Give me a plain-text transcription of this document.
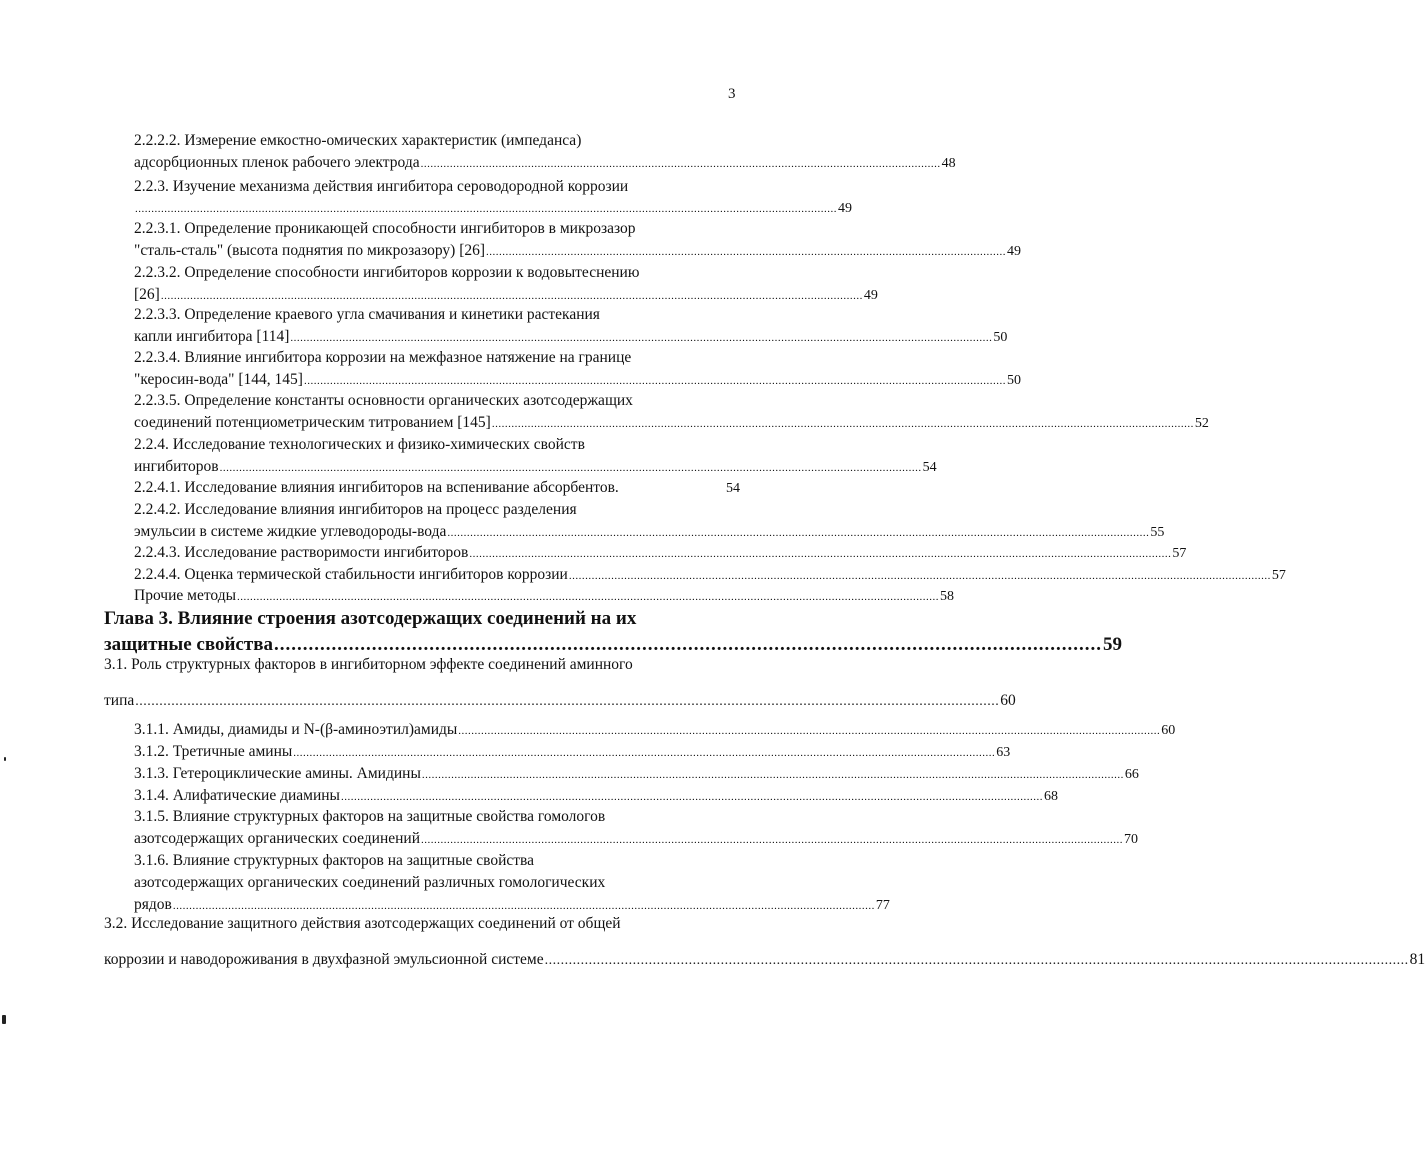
3
2.2.2.2. Измерение емкостно-омических характеристик (импеданса)
адсорбционных пленок рабочего электрода ................................................................................................................................................................ 48
2.2.3. Изучение механизма действия ингибитора сероводородной коррозии
........................................................................................................................................................................................................................ 49
2.2.3.1. Определение проникающей способности ингибиторов в микрозазор
"сталь-сталь" (высота поднятия по микрозазору) [26] ................................................................................................................................................................ 49
2.2.3.2. Определение способности ингибиторов коррозии к водовытеснению
[26] ........................................................................................................................................................................................................................ 49
2.2.3.3. Определение краевого угла смачивания и кинетики растекания
капли ингибитора [114] ........................................................................................................................................................................................................................ 50
2.2.3.4. Влияние ингибитора коррозии на межфазное натяжение на границе
"керосин-вода" [144, 145] ........................................................................................................................................................................................................................ 50
2.2.3.5. Определение константы основности органических азотсодержащих
соединений потенциометрическим титрованием [145] ........................................................................................................................................................................................................................ 52
2.2.4. Исследование технологических и физико-химических свойств
ингибиторов ........................................................................................................................................................................................................................ 54
2.2.4.1. Исследование влияния ингибиторов на вспенивание абсорбентов.	54
2.2.4.2. Исследование влияния ингибиторов на процесс разделения
эмульсии в системе жидкие углеводороды-вода ........................................................................................................................................................................................................................ 55
2.2.4.3. Исследование растворимости ингибиторов ........................................................................................................................................................................................................................ 57
2.2.4.4. Оценка термической стабильности ингибиторов коррозии ........................................................................................................................................................................................................................ 57
Прочие методы ........................................................................................................................................................................................................................ 58
Глава 3. Влияние строения азотсодержащих соединений на их
защитные свойства ................................................................................................................................................ 59
3.1. Роль структурных факторов в ингибиторном эффекте соединений аминного
типа ........................................................................................................................................................................................................................ 60
3.1.1. Амиды, диамиды и N-(β-аминоэтил)амиды ........................................................................................................................................................................................................................ 60
3.1.2. Третичные амины ........................................................................................................................................................................................................................ 63
3.1.3. Гетероциклические амины. Амидины ........................................................................................................................................................................................................................ 66
3.1.4. Алифатические диамины ........................................................................................................................................................................................................................ 68
3.1.5. Влияние структурных факторов на защитные свойства гомологов
азотсодержащих органических соединений ........................................................................................................................................................................................................................ 70
3.1.6. Влияние структурных факторов на защитные свойства
азотсодержащих органических соединений различных гомологических
рядов ........................................................................................................................................................................................................................ 77
3.2. Исследование защитного действия азотсодержащих соединений от общей
коррозии и наводороживания в двухфазной эмульсионной системе ........................................................................................................................................................................................................................ 81
